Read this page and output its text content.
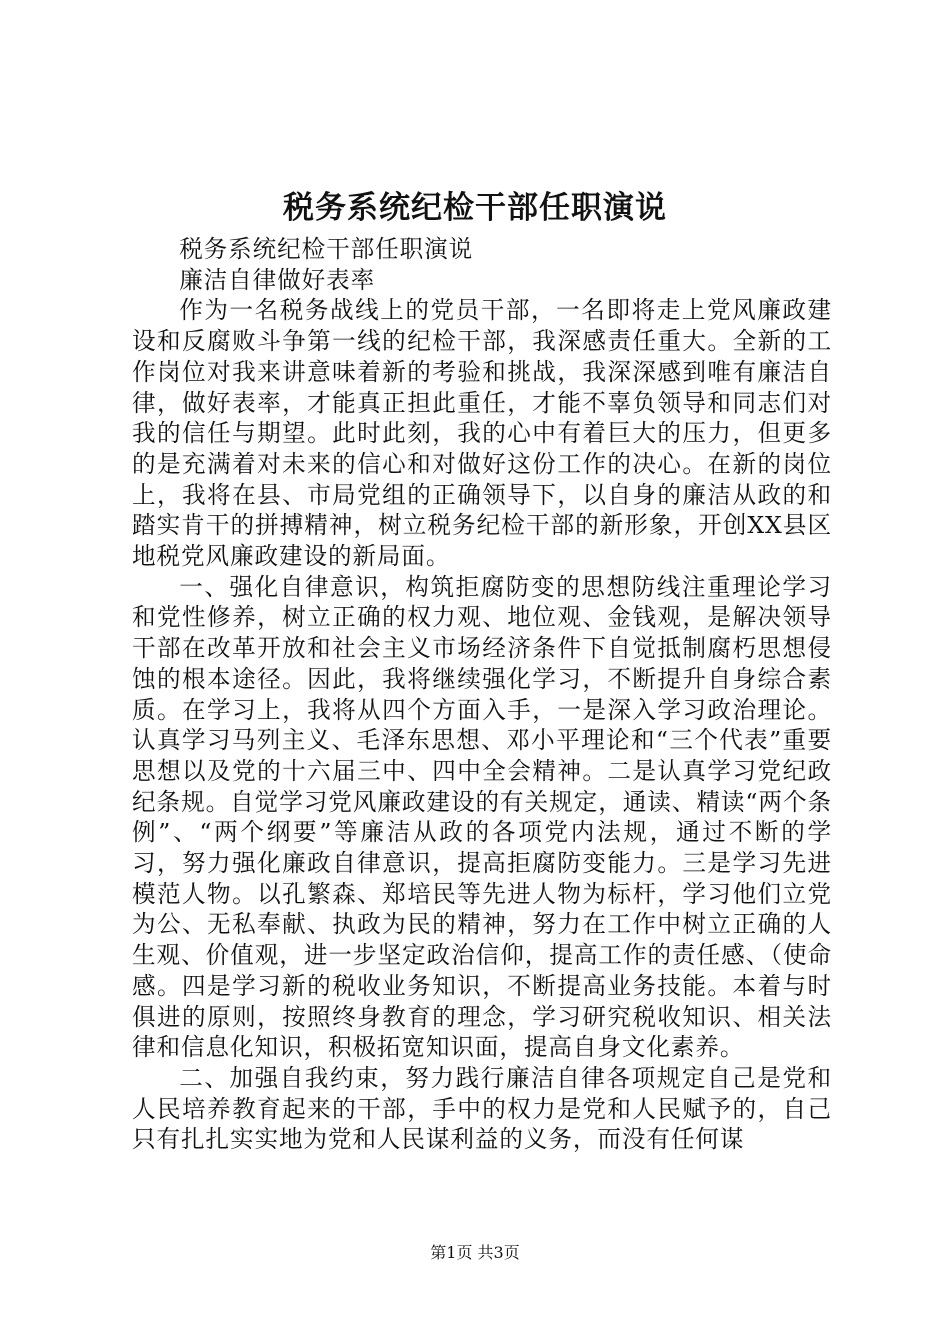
税务系统纪检干部任职演说

税务系统纪检干部任职演说

廉洁自律做好表率

作为一名税务战线上的党员干部，一名即将走上党风廉政建设和反腐败斗争第一线的纪检干部，我深感责任重大。全新的工作岗位对我来讲意味着新的考验和挑战，我深深感到唯有廉洁自律，做好表率，才能真正担此重任，才能不辜负领导和同志们对我的信任与期望。此时此刻，我的心中有着巨大的压力，但更多的是充满着对未来的信心和对做好这份工作的决心。在新的岗位上，我将在县、市局党组的正确领导下，以自身的廉洁从政的和踏实肯干的拼搏精神，树立税务纪检干部的新形象，开创XX县区地税党风廉政建设的新局面。

一、强化自律意识，构筑拒腐防变的思想防线注重理论学习和党性修养，树立正确的权力观、地位观、金钱观，是解决领导干部在改革开放和社会主义市场经济条件下自觉抵制腐朽思想侵蚀的根本途径。因此，我将继续强化学习，不断提升自身综合素质。在学习上，我将从四个方面入手，一是深入学习政治理论。认真学习马列主义、毛泽东思想、邓小平理论和“三个代表”重要思想以及党的十六届三中、四中全会精神。二是认真学习党纪政纪条规。自觉学习党风廉政建设的有关规定，通读、精读“两个条例”、“两个纲要”等廉洁从政的各项党内法规，通过不断的学习，努力强化廉政自律意识，提高拒腐防变能力。三是学习先进模范人物。以孔繁森、郑培民等先进人物为标杆，学习他们立党为公、无私奉献、执政为民的精神，努力在工作中树立正确的人生观、价值观，进一步坚定政治信仰，提高工作的责任感、（使命感。四是学习新的税收业务知识，不断提高业务技能。本着与时俱进的原则，按照终身教育的理念，学习研究税收知识、相关法律和信息化知识，积极拓宽知识面，提高自身文化素养。

二、加强自我约束，努力践行廉洁自律各项规定自己是党和人民培养教育起来的干部，手中的权力是党和人民赋予的，自己只有扎扎实实地为党和人民谋利益的义务，而没有任何谋

第1页 共3页
